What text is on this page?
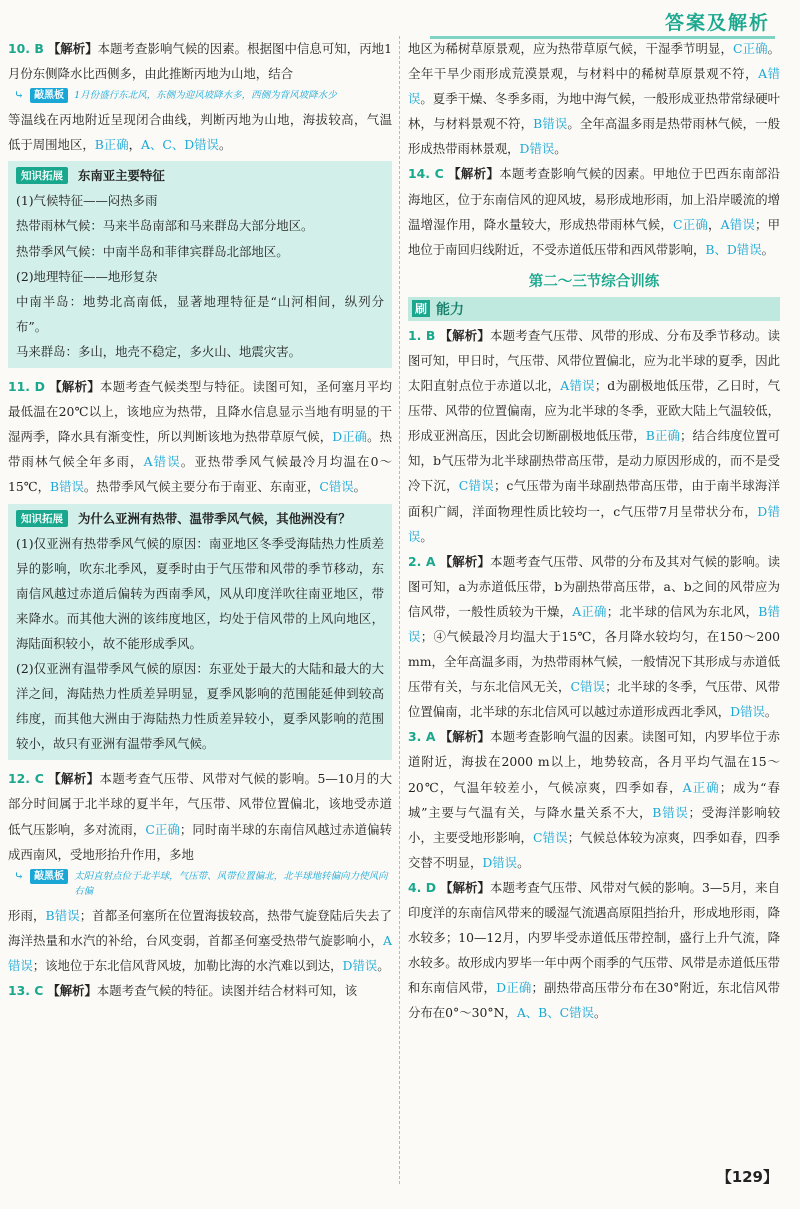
答案及解析

10. B 【解析】本题考查影响气候的因素。根据图中信息可知，丙地1月份东侧降水比西侧多，由此推断丙地为山地，结合

⤷	敲黑板	1月份盛行东北风，东侧为迎风坡降水多，西侧为背风坡降水少

等温线在丙地附近呈现闭合曲线，判断丙地为山地，海拔较高，气温低于周围地区，B正确，A、C、D错误。

知识拓展	东南亚主要特征

(1)气候特征——闷热多雨

热带雨林气候：马来半岛南部和马来群岛大部分地区。

热带季风气候：中南半岛和菲律宾群岛北部地区。

(2)地理特征——地形复杂

中南半岛：地势北高南低，显著地理特征是“山河相间，纵列分布”。

马来群岛：多山，地壳不稳定，多火山、地震灾害。

11. D 【解析】本题考查气候类型与特征。读图可知，圣何塞月平均最低温在20℃以上，该地应为热带，且降水信息显示当地有明显的干湿两季，降水具有渐变性，所以判断该地为热带草原气候，D正确。热带雨林气候全年多雨，A错误。亚热带季风气候最冷月均温在0～15℃，B错误。热带季风气候主要分布于南亚、东南亚，C错误。

知识拓展	为什么亚洲有热带、温带季风气候，其他洲没有？

(1)仅亚洲有热带季风气候的原因：南亚地区冬季受海陆热力性质差异的影响，吹东北季风，夏季时由于气压带和风带的季节移动，东南信风越过赤道后偏转为西南季风，风从印度洋吹往南亚地区，带来降水。而其他大洲的该纬度地区，均处于信风带的上风向地区，海陆面积较小，故不能形成季风。

(2)仅亚洲有温带季风气候的原因：东亚处于最大的大陆和最大的大洋之间，海陆热力性质差异明显，夏季风影响的范围能延伸到较高纬度，而其他大洲由于海陆热力性质差异较小，夏季风影响的范围较小，故只有亚洲有温带季风气候。

12. C 【解析】本题考查气压带、风带对气候的影响。5—10月的大部分时间属于北半球的夏半年，气压带、风带位置偏北，该地受赤道低气压影响，多对流雨，C正确；同时南半球的东南信风越过赤道偏转成西南风，受地形抬升作用，多地

⤷	敲黑板	太阳直射点位于北半球，气压带、风带位置偏北，北半球地转偏向力使风向右偏

形雨，B错误；首都圣何塞所在位置海拔较高，热带气旋登陆后失去了海洋热量和水汽的补给，台风变弱，首都圣何塞受热带气旋影响小，A错误；该地位于东北信风背风坡，加勒比海的水汽难以到达，D错误。

13. C 【解析】本题考查气候的特征。读图并结合材料可知，该

地区为稀树草原景观，应为热带草原气候，干湿季节明显，C正确。全年干旱少雨形成荒漠景观，与材料中的稀树草原景观不符，A错误。夏季干燥、冬季多雨，为地中海气候，一般形成亚热带常绿硬叶林，与材料景观不符，B错误。全年高温多雨是热带雨林气候，一般形成热带雨林景观，D错误。

14. C 【解析】本题考查影响气候的因素。甲地位于巴西东南部沿海地区，位于东南信风的迎风坡，易形成地形雨，加上沿岸暖流的增温增湿作用，降水量较大，形成热带雨林气候，C正确，A错误；甲地位于南回归线附近，不受赤道低压带和西风带影响，B、D错误。

第二～三节综合训练
刷 能力

1. B 【解析】本题考查气压带、风带的形成、分布及季节移动。读图可知，甲日时，气压带、风带位置偏北，应为北半球的夏季，因此太阳直射点位于赤道以北，A错误；d为副极地低压带，乙日时，气压带、风带的位置偏南，应为北半球的冬季，亚欧大陆上气温较低，形成亚洲高压，因此会切断副极地低压带，B正确；结合纬度位置可知，b气压带为北半球副热带高压带，是动力原因形成的，而不是受冷下沉，C错误；c气压带为南半球副热带高压带，由于南半球海洋面积广阔，洋面物理性质比较均一，c气压带7月呈带状分布，D错误。

2. A 【解析】本题考查气压带、风带的分布及其对气候的影响。读图可知，a为赤道低压带，b为副热带高压带，a、b之间的风带应为信风带，一般性质较为干燥，A正确；北半球的信风为东北风，B错误；④气候最冷月均温大于15℃，各月降水较均匀，在150～200 mm，全年高温多雨，为热带雨林气候，一般情况下其形成与赤道低压带有关，与东北信风无关，C错误；北半球的冬季，气压带、风带位置偏南，北半球的东北信风可以越过赤道形成西北季风，D错误。

3. A 【解析】本题考查影响气温的因素。读图可知，内罗毕位于赤道附近，海拔在2000 m以上，地势较高，各月平均气温在15～20℃，气温年较差小，气候凉爽，四季如春，A正确；成为“春城”主要与气温有关，与降水量关系不大，B错误；受海洋影响较小，主要受地形影响，C错误；气候总体较为凉爽，四季如春，四季交替不明显，D错误。

4. D 【解析】本题考查气压带、风带对气候的影响。3—5月，来自印度洋的东南信风带来的暖湿气流遇高原阻挡抬升，形成地形雨，降水较多；10—12月，内罗毕受赤道低压带控制，盛行上升气流，降水较多。故形成内罗毕一年中两个雨季的气压带、风带是赤道低压带和东南信风带，D正确；副热带高压带分布在30°附近，东北信风带分布在0°～30°N，A、B、C错误。

【129】
